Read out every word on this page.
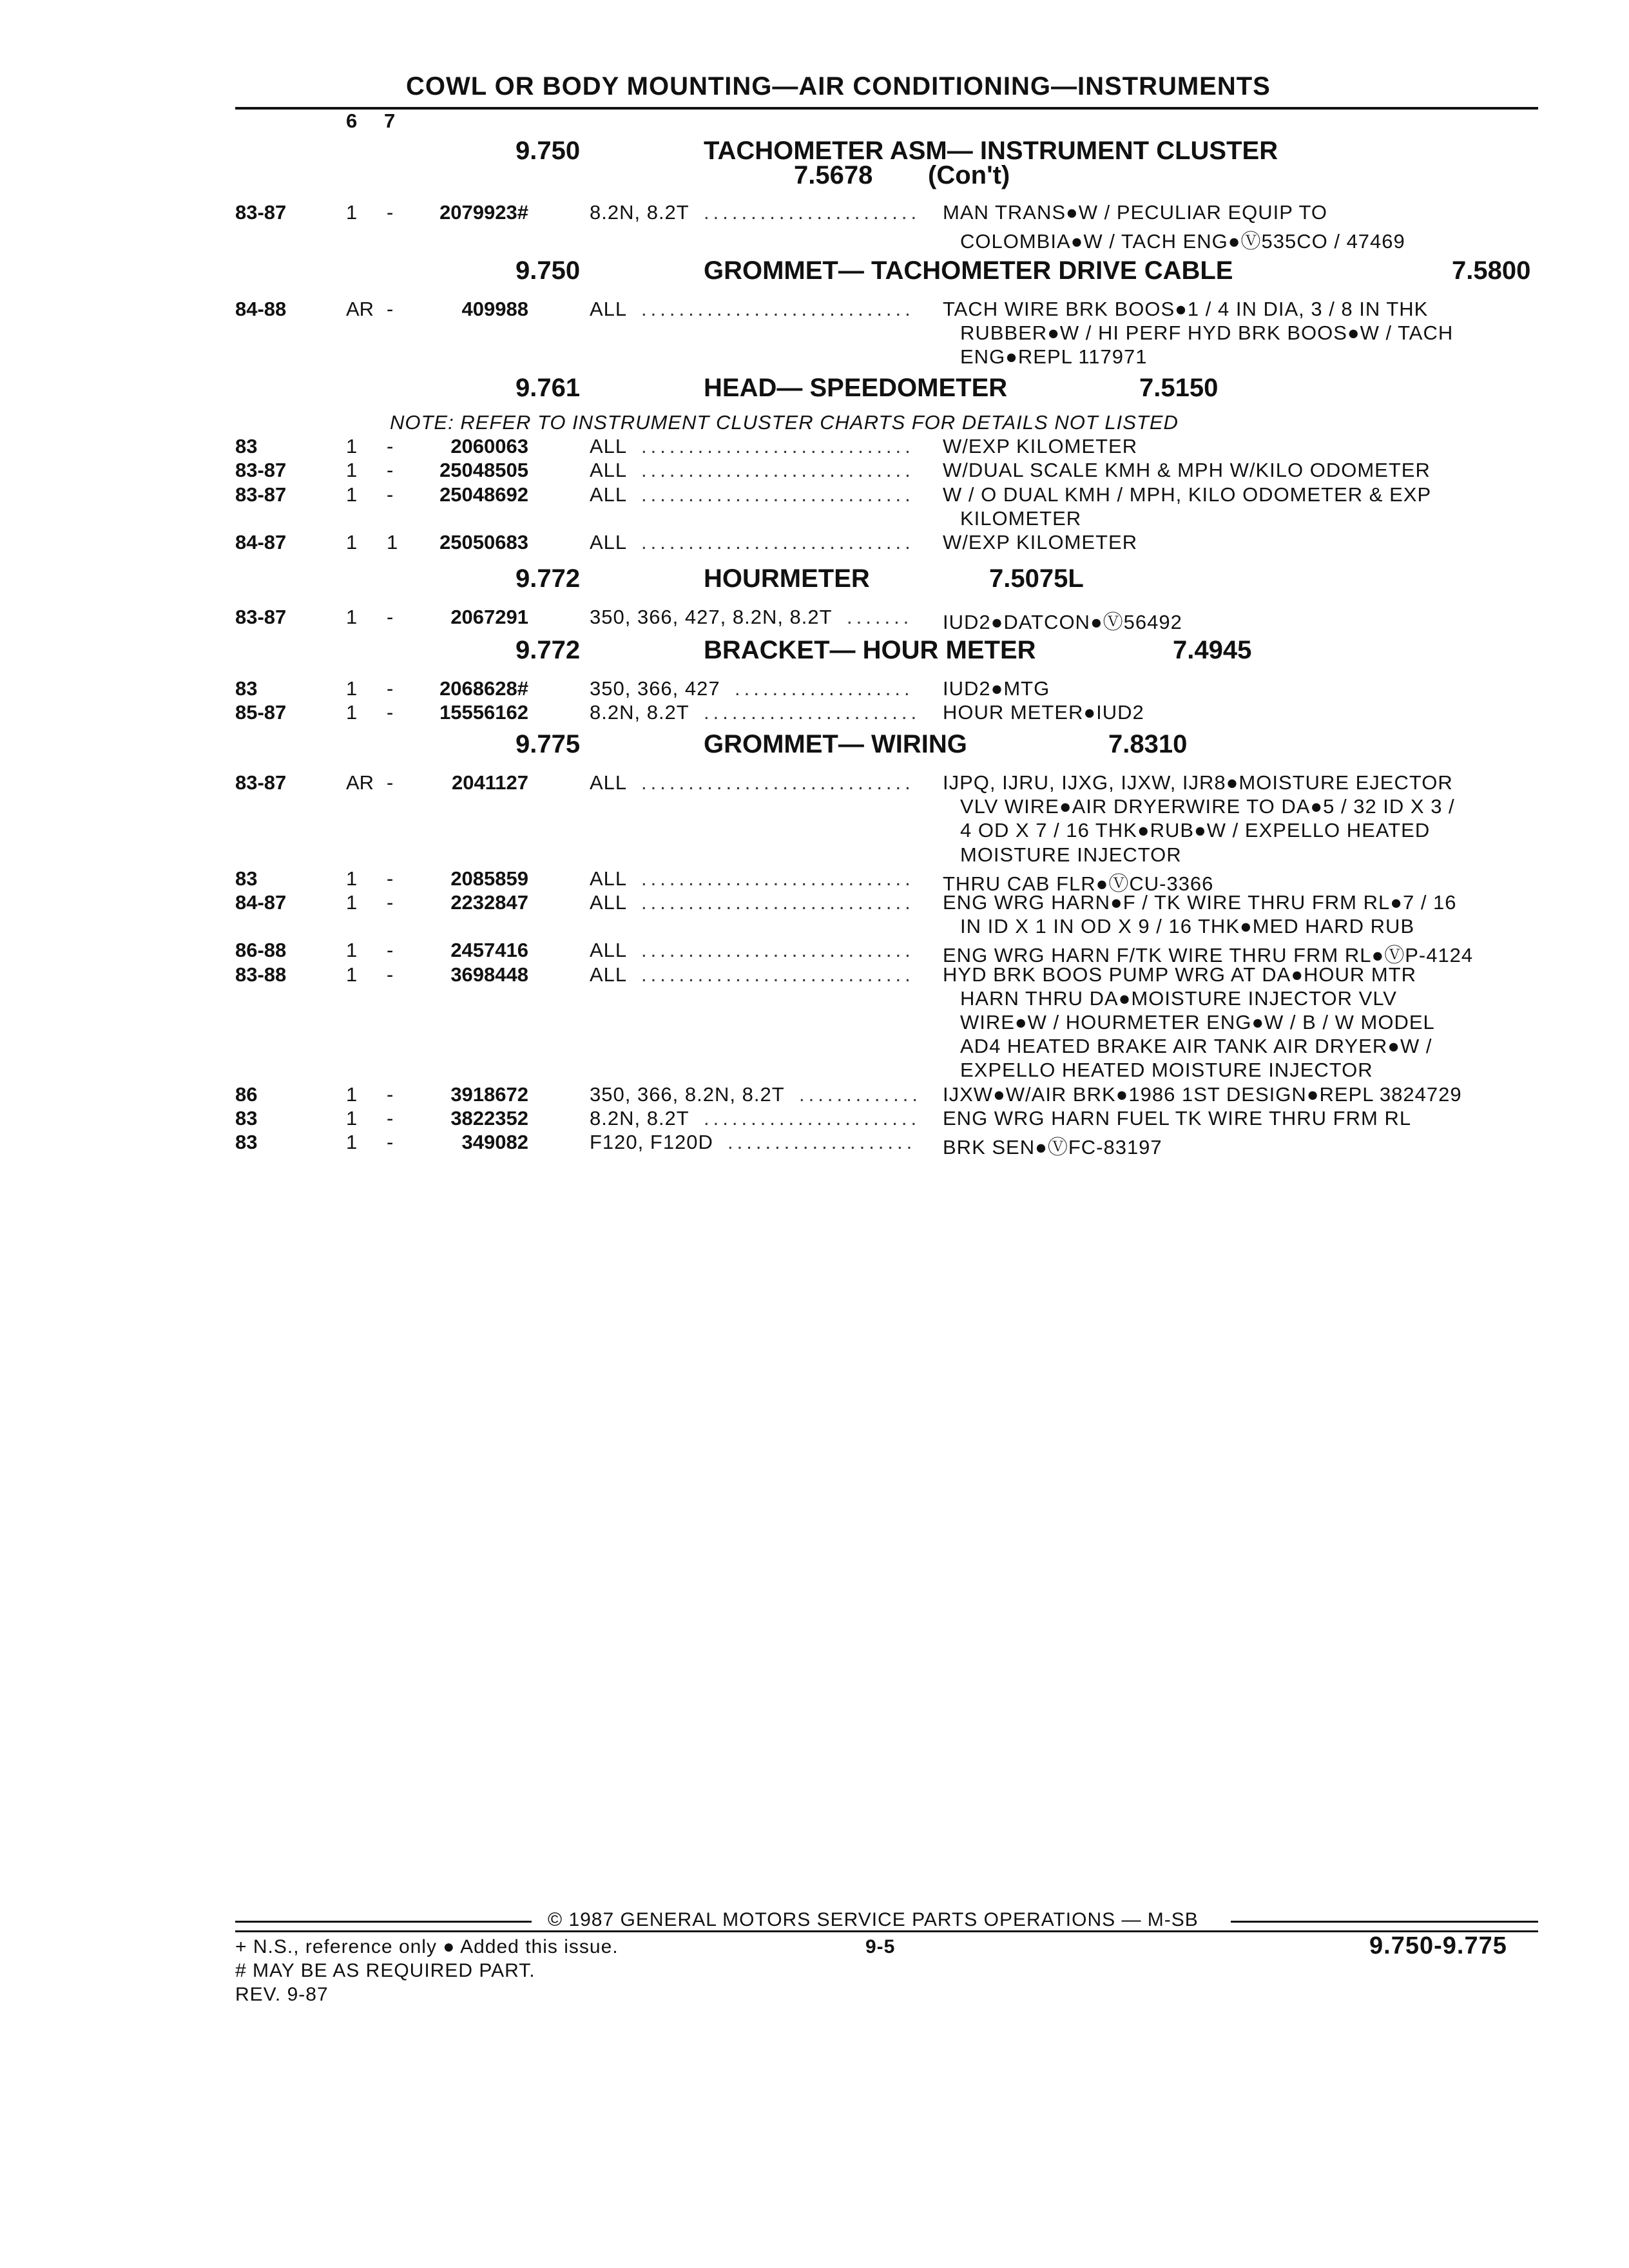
COWL OR BODY MOUNTING—AIR CONDITIONING—INSTRUMENTS
6 7
(Con't)
9.750	TACHOMETER ASM— INSTRUMENT CLUSTER
7.5678
83-87	1 -	2079923#	8.2N, 8.2T ....................... MAN TRANS●W / PECULIAR EQUIP TO
COLOMBIA●W / TACH ENG●Ⓥ535CO / 47469
9.750	GROMMET— TACHOMETER DRIVE CABLE	7.5800
84-88	AR -	409988	ALL ............................. TACH WIRE BRK BOOS●1 / 4 IN DIA, 3 / 8 IN THK
RUBBER●W / HI PERF HYD BRK BOOS●W / TACH
ENG●REPL 117971
9.761	HEAD— SPEEDOMETER	7.5150
NOTE: REFER TO INSTRUMENT CLUSTER CHARTS FOR DETAILS NOT LISTED
83	1 -	2060063	ALL ............................. W/EXP KILOMETER
83-87	1 -	25048505	ALL ............................. W/DUAL SCALE KMH & MPH W/KILO ODOMETER
83-87	1 -	25048692	ALL ............................. W / O DUAL KMH / MPH, KILO ODOMETER & EXP
KILOMETER
84-87	1 1	25050683	ALL ............................. W/EXP KILOMETER
9.772	HOURMETER	7.5075L
83-87	1 -	2067291	350, 366, 427, 8.2N, 8.2T ....... IUD2●DATCON●Ⓥ56492
9.772	BRACKET— HOUR METER	7.4945
83	1 -	2068628#	350, 366, 427 ................... IUD2●MTG
85-87	1 -	15556162	8.2N, 8.2T ....................... HOUR METER●IUD2
9.775	GROMMET— WIRING	7.8310
83-87	AR -	2041127	ALL ............................. IJPQ, IJRU, IJXG, IJXW, IJR8●MOISTURE EJECTOR
VLV WIRE●AIR DRYERWIRE TO DA●5 / 32 ID X 3 /
4 OD X 7 / 16 THK●RUB●W / EXPELLO HEATED
MOISTURE INJECTOR
83	1 -	2085859	ALL ............................. THRU CAB FLR●ⓋCU-3366
84-87	1 -	2232847	ALL ............................. ENG WRG HARN●F / TK WIRE THRU FRM RL●7 / 16
IN ID X 1 IN OD X 9 / 16 THK●MED HARD RUB
86-88	1 -	2457416	ALL ............................. ENG WRG HARN F/TK WIRE THRU FRM RL●ⓋP-4124
83-88	1 -	3698448	ALL ............................. HYD BRK BOOS PUMP WRG AT DA●HOUR MTR
HARN THRU DA●MOISTURE INJECTOR VLV
WIRE●W / HOURMETER ENG●W / B / W MODEL
AD4 HEATED BRAKE AIR TANK AIR DRYER●W /
EXPELLO HEATED MOISTURE INJECTOR
86	1 -	3918672	350, 366, 8.2N, 8.2T ............. IJXW●W/AIR BRK●1986 1ST DESIGN●REPL 3824729
83	1 -	3822352	8.2N, 8.2T ....................... ENG WRG HARN FUEL TK WIRE THRU FRM RL
83	1 -	349082	F120, F120D .................... BRK SEN●ⓋFC-83197
© 1987 GENERAL MOTORS SERVICE PARTS OPERATIONS — M-SB
+ N.S., reference only ● Added this issue.	9-5	9.750-9.775
# MAY BE AS REQUIRED PART.
REV. 9-87
